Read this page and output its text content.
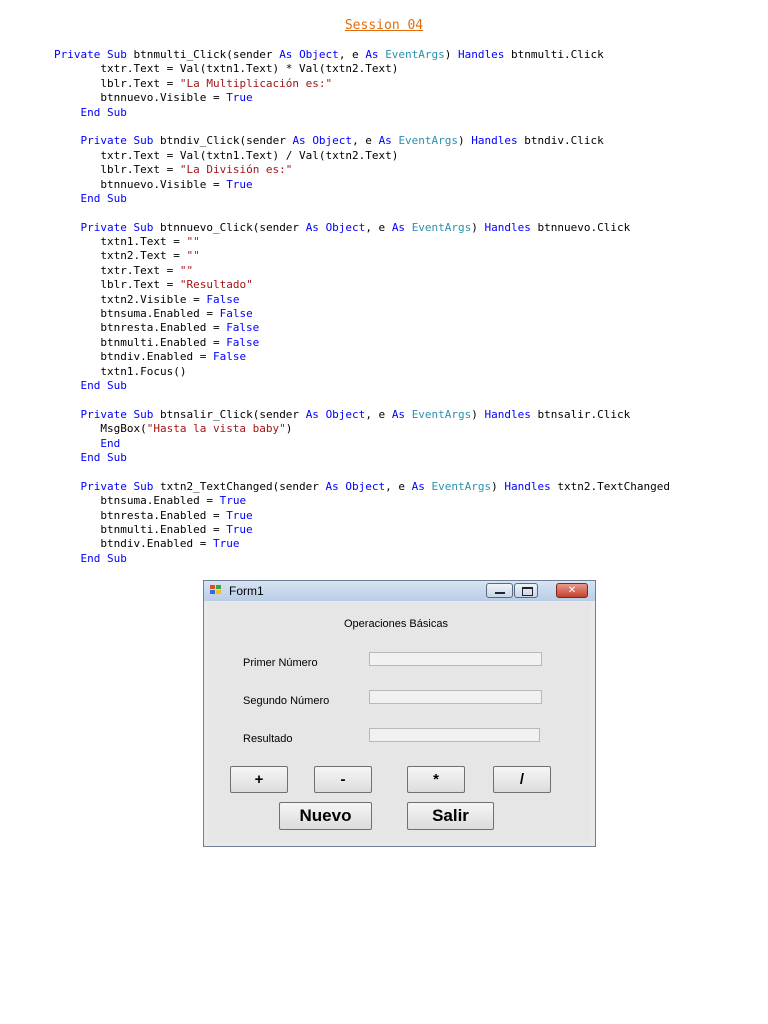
Session 04
Private Sub btnmulti_Click(sender As Object, e As EventArgs) Handles btnmulti.Click
txtr.Text = Val(txtn1.Text) * Val(txtn2.Text)
lblr.Text = "La Multiplicación es:"
btnnuevo.Visible = True
End Sub
Private Sub btndiv_Click(sender As Object, e As EventArgs) Handles btndiv.Click
txtr.Text = Val(txtn1.Text) / Val(txtn2.Text)
lblr.Text = "La División es:"
btnnuevo.Visible = True
End Sub
Private Sub btnnuevo_Click(sender As Object, e As EventArgs) Handles btnnuevo.Click
txtn1.Text = ""
txtn2.Text = ""
txtr.Text = ""
lblr.Text = "Resultado"
txtn2.Visible = False
btnsuma.Enabled = False
btnresta.Enabled = False
btnmulti.Enabled = False
btndiv.Enabled = False
txtn1.Focus()
End Sub
Private Sub btnsalir_Click(sender As Object, e As EventArgs) Handles btnsalir.Click
MsgBox("Hasta la vista baby")
End
End Sub
Private Sub txtn2_TextChanged(sender As Object, e As EventArgs) Handles txtn2.TextChanged
btnsuma.Enabled = True
btnresta.Enabled = True
btnmulti.Enabled = True
btndiv.Enabled = True
End Sub
Form1	✕
Operaciones Básicas
Primer Número
Segundo Número
Resultado
+	-	*	/
Nuevo	Salir
